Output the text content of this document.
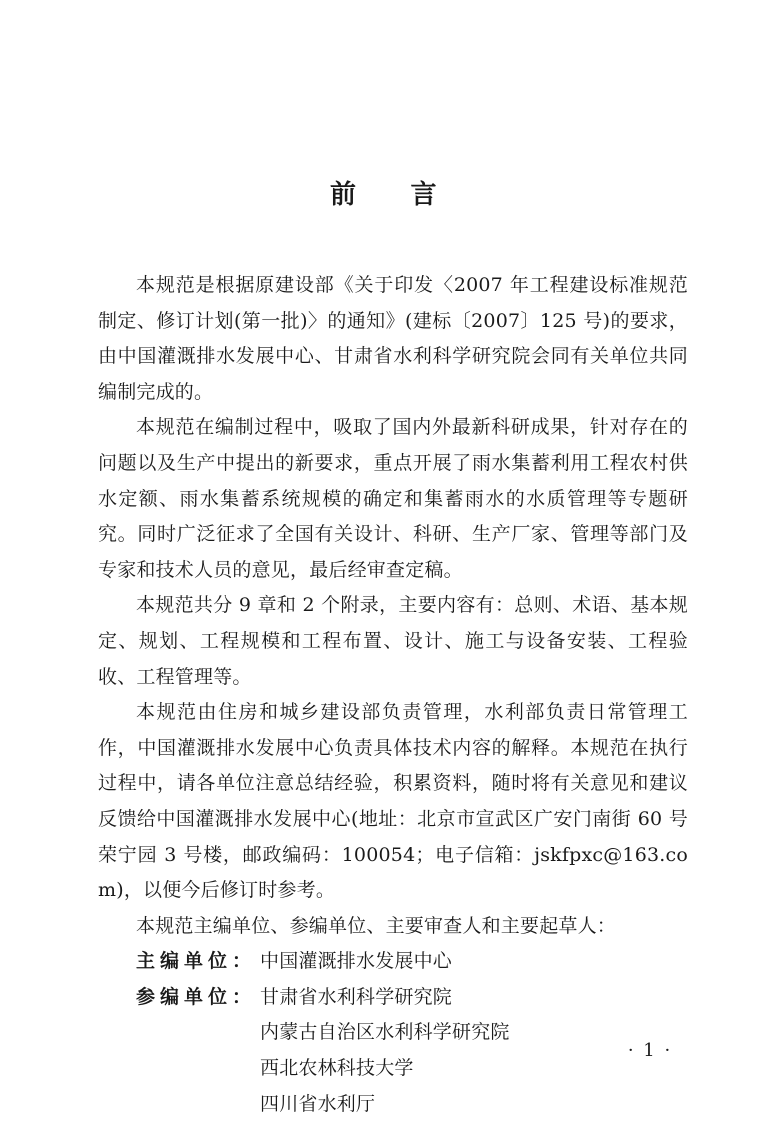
前 言

本规范是根据原建设部《关于印发〈2007 年工程建设标准规范制定、修订计划(第一批)〉的通知》(建标〔2007〕125 号)的要求，由中国灌溉排水发展中心、甘肃省水利科学研究院会同有关单位共同编制完成的。

本规范在编制过程中，吸取了国内外最新科研成果，针对存在的问题以及生产中提出的新要求，重点开展了雨水集蓄利用工程农村供水定额、雨水集蓄系统规模的确定和集蓄雨水的水质管理等专题研究。同时广泛征求了全国有关设计、科研、生产厂家、管理等部门及专家和技术人员的意见，最后经审查定稿。

本规范共分 9 章和 2 个附录，主要内容有：总则、术语、基本规定、规划、工程规模和工程布置、设计、施工与设备安装、工程验收、工程管理等。

本规范由住房和城乡建设部负责管理，水利部负责日常管理工作，中国灌溉排水发展中心负责具体技术内容的解释。本规范在执行过程中，请各单位注意总结经验，积累资料，随时将有关意见和建议反馈给中国灌溉排水发展中心(地址：北京市宣武区广安门南街 60 号荣宁园 3 号楼，邮政编码：100054；电子信箱：jskfpxc@163.com)，以便今后修订时参考。

本规范主编单位、参编单位、主要审查人和主要起草人：

主编单位： 中国灌溉排水发展中心
参编单位： 甘肃省水利科学研究院
内蒙古自治区水利科学研究院
西北农林科技大学
四川省水利厅
· 1 ·
